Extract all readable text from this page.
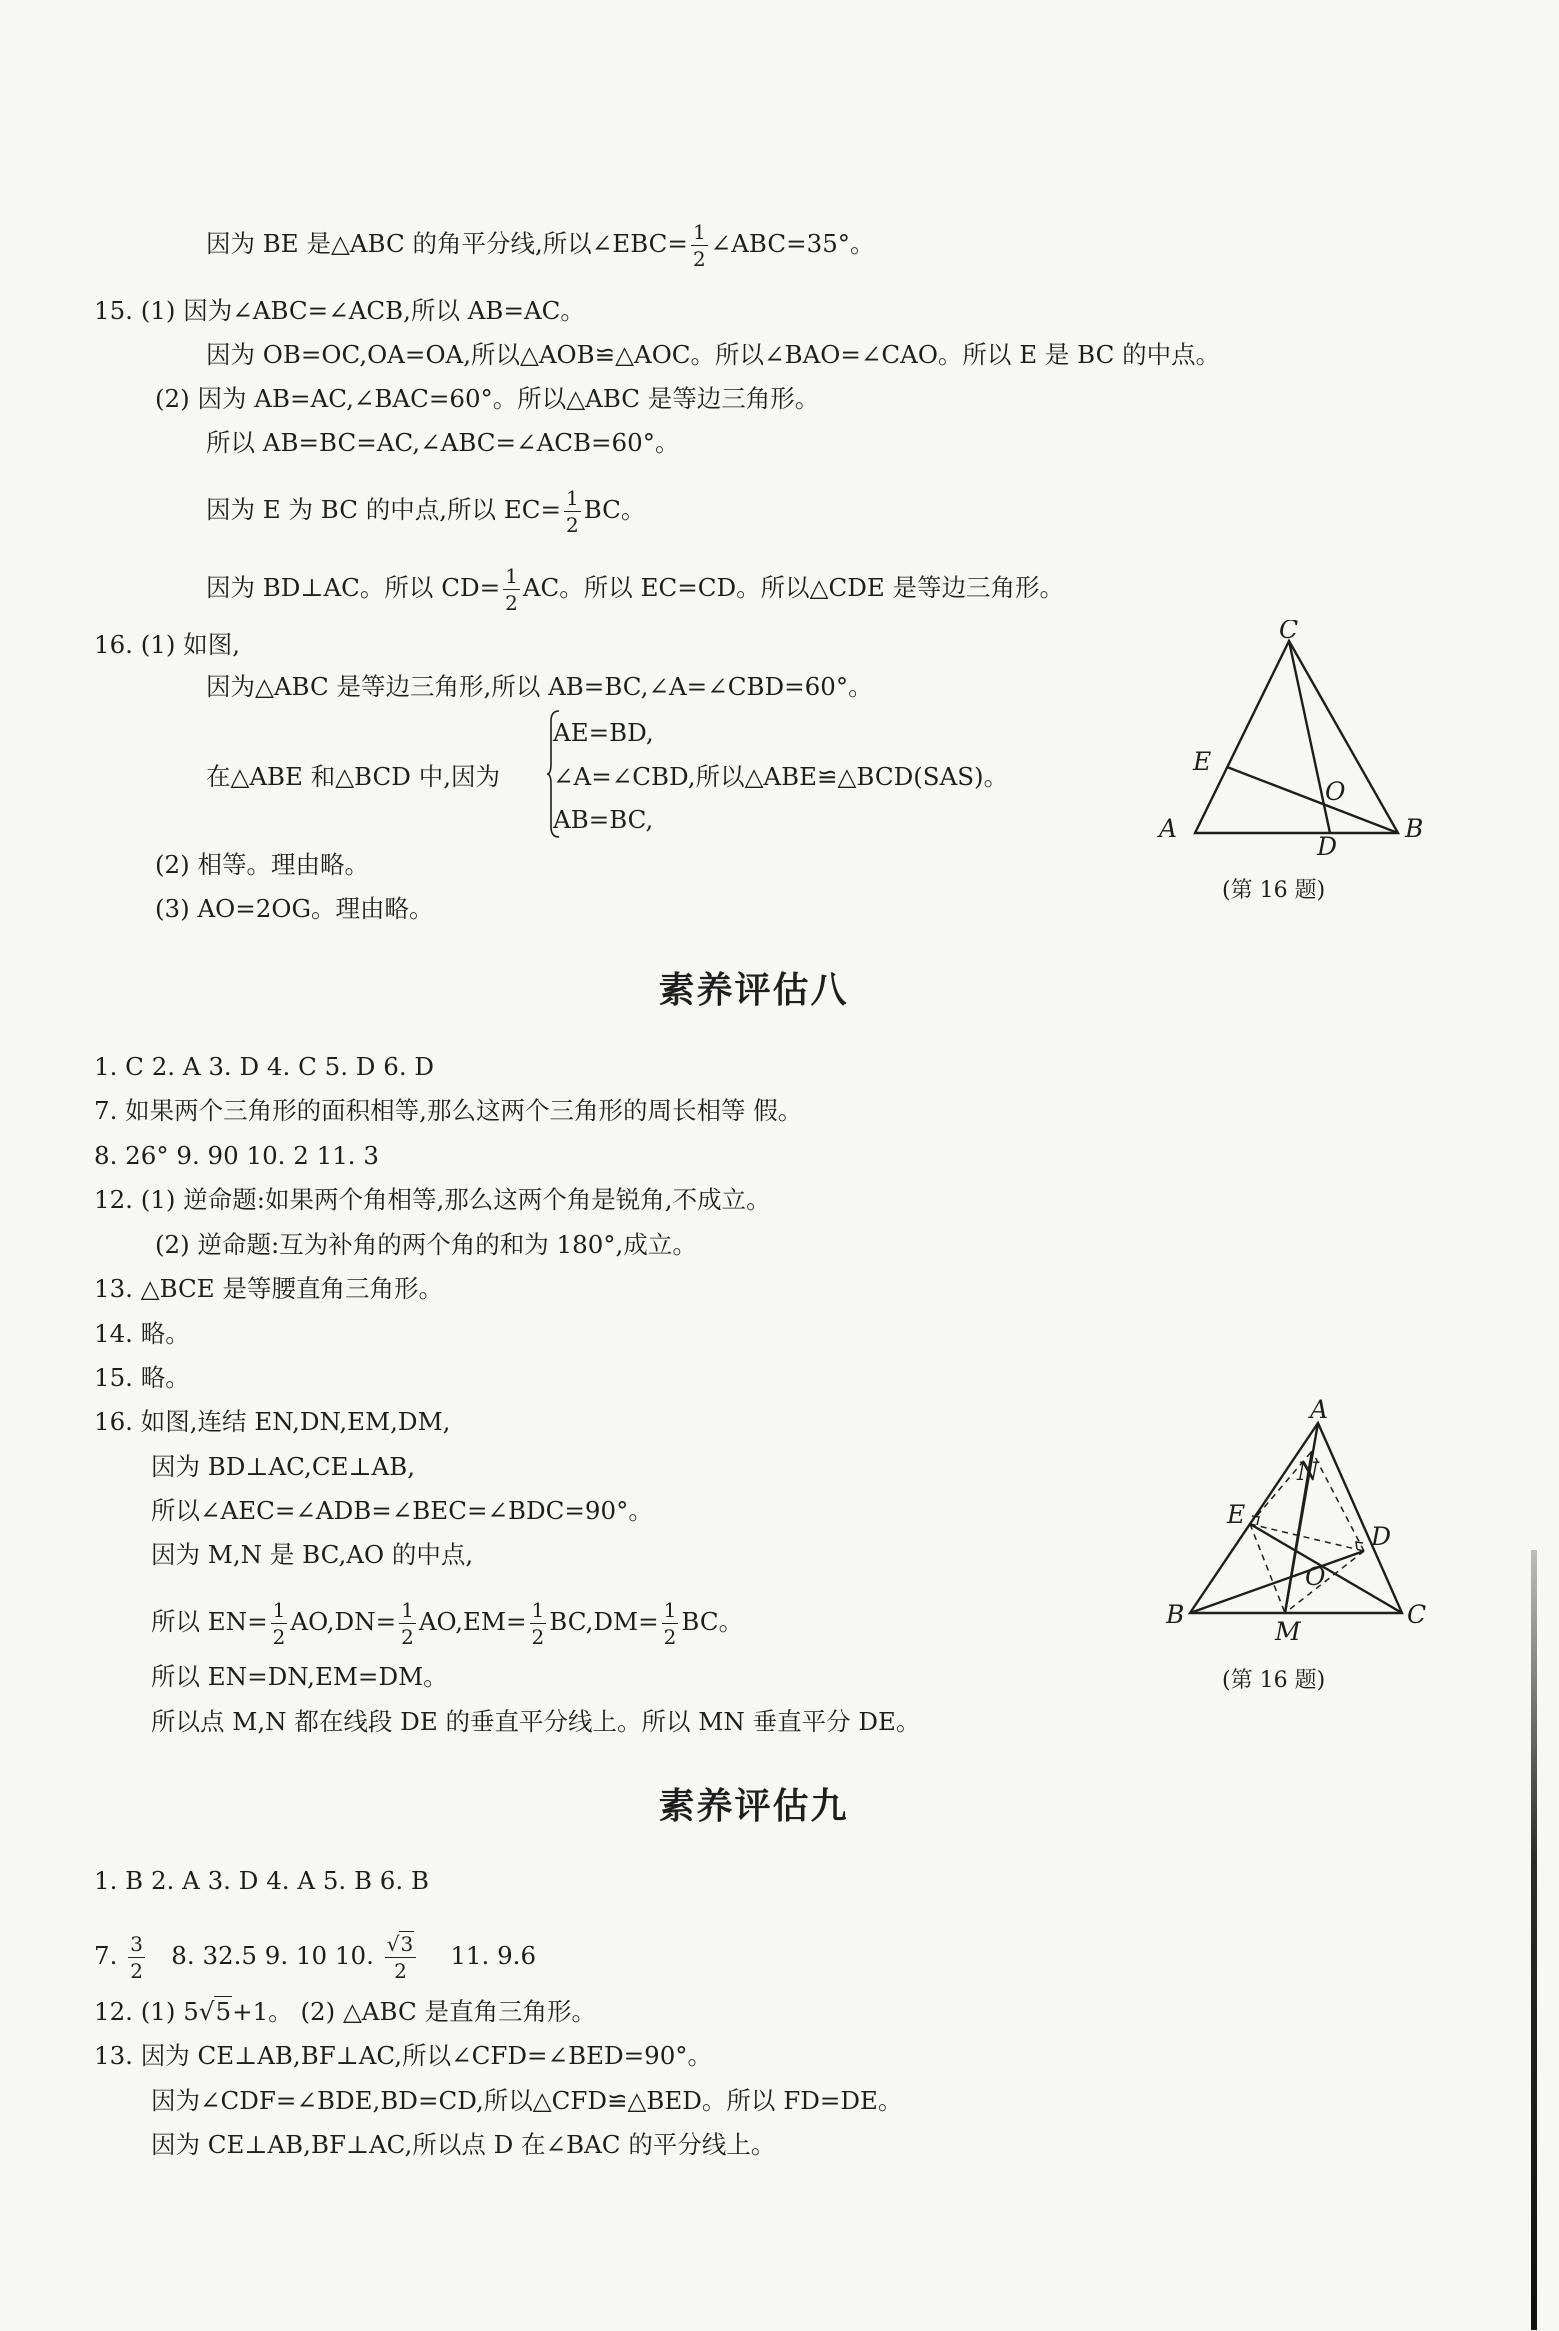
因为 BE 是△ABC 的角平分线,所以∠EBC= $\frac{1}{2}$ ∠ABC=35°。
15. (1) 因为∠ABC=∠ACB,所以 AB=AC。
因为 OB=OC,OA=OA,所以△AOB≌△AOC。所以∠BAO=∠CAO。所以 E 是 BC 的中点。
(2) 因为 AB=AC,∠BAC=60°。所以△ABC 是等边三角形。
所以 AB=BC=AC,∠ABC=∠ACB=60°。
因为 E 为 BC 的中点,所以 $EC= \frac{1}{2}$ BC。
因为 BD⊥AC。所以 $CD= \frac{1}{2}$ AC。所以 EC=CD。所以△CDE 是等边三角形。
16. (1) 如图,
因为△ABC 是等边三角形,所以 AB=BC,∠A=∠CBD=60°。
在△ABE 和△BCD 中,因为
AE=BD,
∠A=∠CBD,所以△ABE≌△BCD(SAS)。
AB=BC,
(2) 相等。理由略。
(3) AO=2OG。理由略。
C
E
O
A
D
B
(第 16 题)
素养评估八
1. C 2. A 3. D 4. C 5. D 6. D
7. 如果两个三角形的面积相等,那么这两个三角形的周长相等 假。
8. 26° 9. 90 10. 2 11. 3
12. (1) 逆命题:如果两个角相等,那么这两个角是锐角,不成立。
(2) 逆命题:互为补角的两个角的和为 180°,成立。
13. △BCE 是等腰直角三角形。
14. 略。
15. 略。
16. 如图,连结 EN,DN,EM,DM,
因为 BD⊥AC,CE⊥AB,
所以∠AEC=∠ADB=∠BEC=∠BDC=90°。
因为 M,N 是 BC,AO 的中点,
所以 $EN= \frac{1}{2} AO,DN= \frac{1}{2} AO,EM= \frac{1}{2} BC,DM= \frac{1}{2}$ BC。
所以 EN=DN,EM=DM。
所以点 M,N 都在线段 DE 的垂直平分线上。所以 MN 垂直平分 DE。
A
N
E
D
O
B
M
C
(第 16 题)
素养评估九
1. B 2. A 3. D 4. A 5. B 6. B
7. $\frac{3}{2} 8$. 32.5 9. 10 10. $\frac{√3}{2} 11$. 9.6
12. (1) 5√5+1。 (2) △ABC 是直角三角形。
13. 因为 CE⊥AB,BF⊥AC,所以∠CFD=∠BED=90°。
因为∠CDF=∠BDE,BD=CD,所以△CFD≌△BED。所以 FD=DE。
因为 CE⊥AB,BF⊥AC,所以点 D 在∠BAC 的平分线上。
